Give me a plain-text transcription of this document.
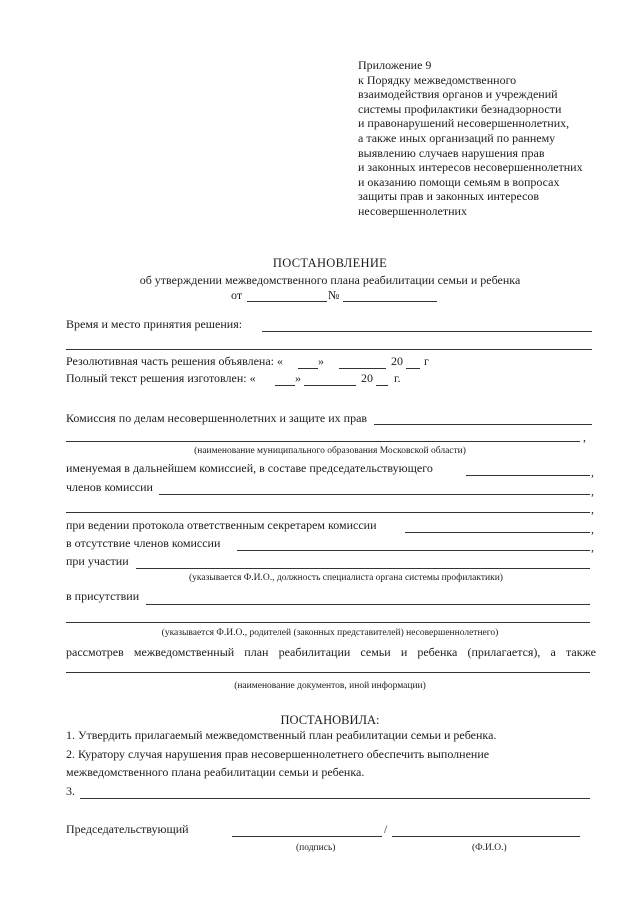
Приложение 9
к Порядку межведомственного
взаимодействия органов и учреждений
системы профилактики безнадзорности
и правонарушений несовершеннолетних,
а также иных организаций по раннему
выявлению случаев нарушения прав
и законных интересов несовершеннолетних
и оказанию помощи семьям в вопросах
защиты прав и законных интересов
несовершеннолетних
ПОСТАНОВЛЕНИЕ
об утверждении межведомственного плана реабилитации семьи и ребенка
от	№
Время и место принятия решения:
Резолютивная часть решения объявлена: «	»	20 г
Полный текст решения изготовлен: «	»	20 г.
Комиссия по делам несовершеннолетних и защите их прав
,
(наименование муниципального образования Московской области)
именуемая в дальнейшем комиссией, в составе председательствующего	,
членов комиссии	,
,
при ведении протокола ответственным секретарем комиссии	,
в отсутствие членов комиссии	,
при участии
(указывается Ф.И.О., должность специалиста органа системы профилактики)
в присутствии
(указывается Ф.И.О., родителей (законных представителей) несовершеннолетнего)
рассмотрев межведомственный план реабилитации семьи и ребенка (прилагается), а также
(наименование документов, иной информации)
ПОСТАНОВИЛА:
1. Утвердить прилагаемый межведомственный план реабилитации семьи и ребенка.
2. Куратору случая нарушения прав несовершеннолетнего обеспечить выполнение
межведомственного плана реабилитации семьи и ребенка.
3.
Председательствующий	/
(подпись)	(Ф.И.О.)
